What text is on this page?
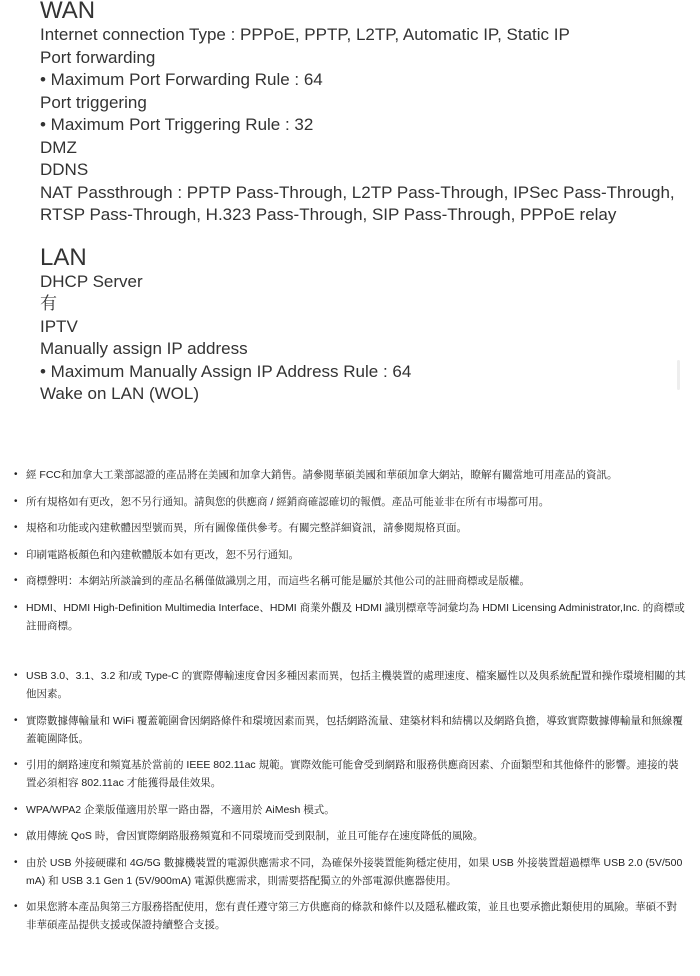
WAN
Internet connection Type : PPPoE, PPTP, L2TP, Automatic IP, Static IP
Port forwarding
• Maximum Port Forwarding Rule : 64
Port triggering
• Maximum Port Triggering Rule : 32
DMZ
DDNS
NAT Passthrough : PPTP Pass-Through, L2TP Pass-Through, IPSec Pass-Through, RTSP Pass-Through, H.323 Pass-Through, SIP Pass-Through, PPPoE relay
LAN
DHCP Server
有
IPTV
Manually assign IP address
• Maximum Manually Assign IP Address Rule : 64
Wake on LAN (WOL)
• 經 FCC和加拿大工業部認證的產品將在美國和加拿大銷售。請參閱華碩美國和華碩加拿大網站，瞭解有關當地可用產品的資訊。
• 所有規格如有更改，恕不另行通知。請與您的供應商 / 經銷商確認確切的報價。產品可能並非在所有市場都可用。
• 規格和功能或內建軟體因型號而異，所有圖像僅供參考。有關完整詳細資訊，請參閱規格頁面。
• 印刷電路板顏色和內建軟體版本如有更改，恕不另行通知。
• 商標聲明：本網站所談論到的產品名稱僅做識別之用，而這些名稱可能是屬於其他公司的註冊商標或是版權。
• HDMI、HDMI High-Definition Multimedia Interface、HDMI 商業外觀及 HDMI 識別標章等詞彙均為 HDMI Licensing Administrator,Inc. 的商標或註冊商標。
• USB 3.0、3.1、3.2 和/或 Type-C 的實際傳輸速度會因多種因素而異，包括主機裝置的處理速度、檔案屬性以及與系統配置和操作環境相關的其他因素。
• 實際數據傳輸量和 WiFi 覆蓋範圍會因網路條件和環境因素而異，包括網路流量、建築材料和結構以及網路負擔，導致實際數據傳輸量和無線覆蓋範圍降低。
• 引用的網路速度和頻寬基於當前的 IEEE 802.11ac 規範。實際效能可能會受到網路和服務供應商因素、介面類型和其他條件的影響。連接的裝置必須相容 802.11ac 才能獲得最佳效果。
• WPA/WPA2 企業版僅適用於單一路由器，不適用於 AiMesh 模式。
• 啟用傳統 QoS 時，會因實際網路服務頻寬和不同環境而受到限制，並且可能存在速度降低的風險。
• 由於 USB 外接硬碟和 4G/5G 數據機裝置的電源供應需求不同，為確保外接裝置能夠穩定使用，如果 USB 外接裝置超過標準 USB 2.0 (5V/500mA) 和 USB 3.1 Gen 1 (5V/900mA) 電源供應需求，則需要搭配獨立的外部電源供應器使用。
• 如果您將本產品與第三方服務搭配使用，您有責任遵守第三方供應商的條款和條件以及隱私權政策，並且也要承擔此類使用的風險。華碩不對非華碩產品提供支援或保證持續整合支援。
